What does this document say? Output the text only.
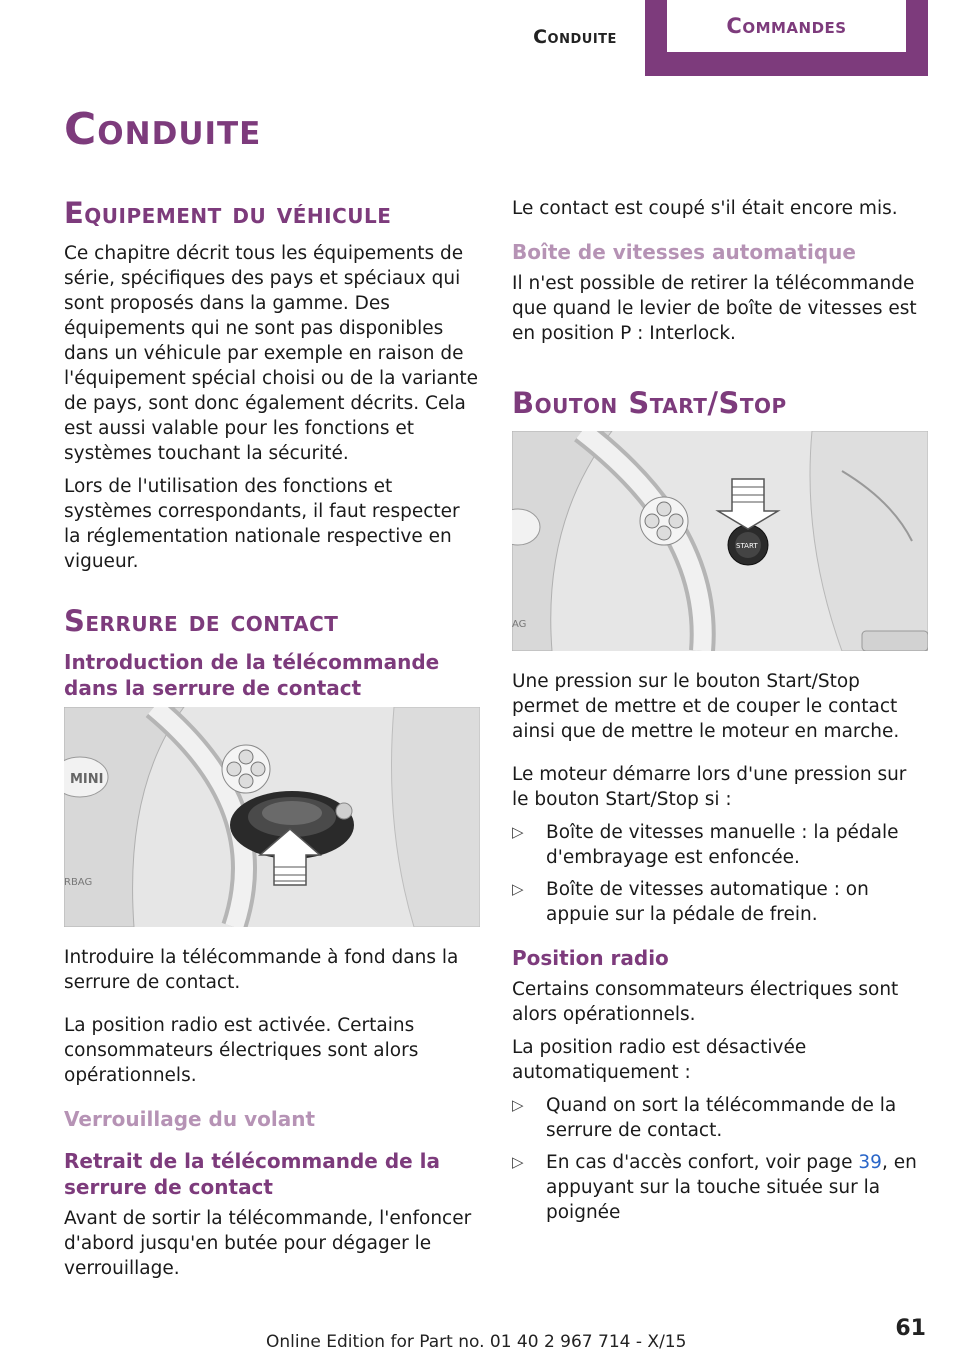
Conduite	Commandes
Conduite
Equipement du véhicule

Ce chapitre décrit tous les équipements de série, spécifiques des pays et spéciaux qui sont proposés dans la gamme. Des équipements qui ne sont pas disponibles dans un véhicule par exemple en raison de l'équipement spécial choisi ou de la variante de pays, sont donc également décrits. Cela est aussi valable pour les fonctions et systèmes touchant la sécurité.

Lors de l'utilisation des fonctions et systèmes correspondants, il faut respecter la réglementation nationale respective en vigueur.

Serrure de contact
Introduction de la télécommande dans la serrure de contact
MINI
RBAG

Introduire la télécommande à fond dans la serrure de contact.

La position radio est activée. Certains consommateurs électriques sont alors opérationnels.

Verrouillage du volant
Retrait de la télécommande de la serrure de contact

Avant de sortir la télécommande, l'enfoncer d'abord jusqu'en butée pour dégager le verrouillage.

Le contact est coupé s'il était encore mis.

Boîte de vitesses automatique

Il n'est possible de retirer la télécommande que quand le levier de boîte de vitesses est en position P : Interlock.

Bouton Start/Stop
AG
START

Une pression sur le bouton Start/Stop permet de mettre et de couper le contact ainsi que de mettre le moteur en marche.

Le moteur démarre lors d'une pression sur le bouton Start/Stop si :

▷ Boîte de vitesses manuelle : la pédale d'embrayage est enfoncée.
▷ Boîte de vitesses automatique : on appuie sur la pédale de frein.
Position radio

Certains consommateurs électriques sont alors opérationnels.

La position radio est désactivée automatiquement :

▷ Quand on sort la télécommande de la serrure de contact.
▷ En cas d'accès confort, voir page 39, en appuyant sur la touche située sur la poignée
61
Online Edition for Part no. 01 40 2 967 714 - X/15
